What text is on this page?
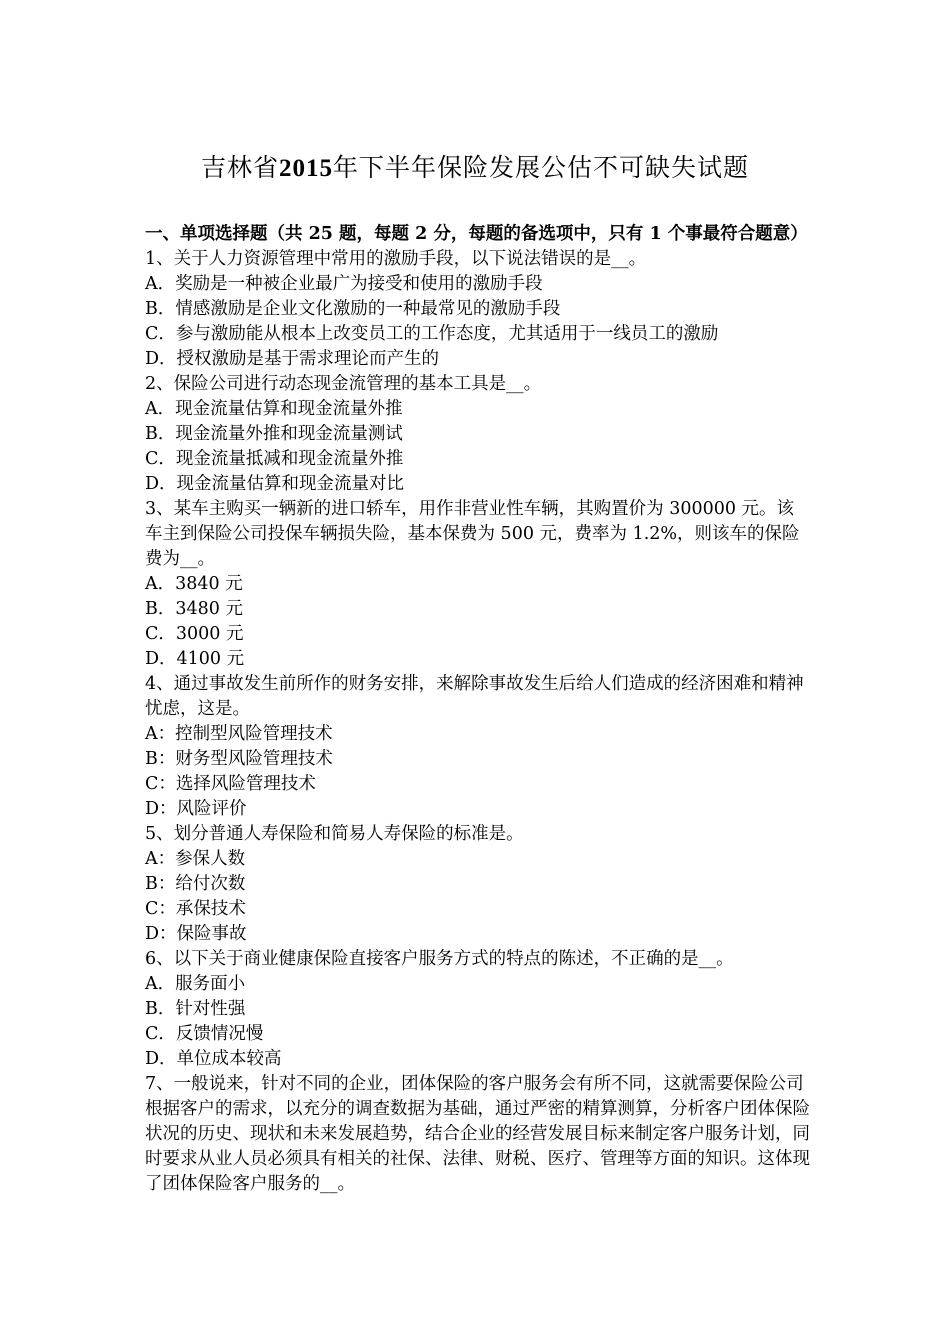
吉林省2015年下半年保险发展公估不可缺失试题
一、单项选择题（共 25 题，每题 2 分，每题的备选项中，只有 1 个事最符合题意）
1、关于人力资源管理中常用的激励手段，以下说法错误的是__。
A．奖励是一种被企业最广为接受和使用的激励手段
B．情感激励是企业文化激励的一种最常见的激励手段
C．参与激励能从根本上改变员工的工作态度，尤其适用于一线员工的激励
D．授权激励是基于需求理论而产生的
2、保险公司进行动态现金流管理的基本工具是__。
A．现金流量估算和现金流量外推
B．现金流量外推和现金流量测试
C．现金流量抵减和现金流量外推
D．现金流量估算和现金流量对比
3、某车主购买一辆新的进口轿车，用作非营业性车辆，其购置价为 300000 元。该车主到保险公司投保车辆损失险，基本保费为 500 元，费率为 1.2%，则该车的保险费为__。
A．3840 元
B．3480 元
C．3000 元
D．4100 元
4、通过事故发生前所作的财务安排，来解除事故发生后给人们造成的经济困难和精神忧虑，这是。
A：控制型风险管理技术
B：财务型风险管理技术
C：选择风险管理技术
D：风险评价
5、划分普通人寿保险和简易人寿保险的标准是。
A：参保人数
B：给付次数
C：承保技术
D：保险事故
6、以下关于商业健康保险直接客户服务方式的特点的陈述，不正确的是__。
A．服务面小
B．针对性强
C．反馈情况慢
D．单位成本较高
7、一般说来，针对不同的企业，团体保险的客户服务会有所不同，这就需要保险公司根据客户的需求，以充分的调查数据为基础，通过严密的精算测算，分析客户团体保险状况的历史、现状和未来发展趋势，结合企业的经营发展目标来制定客户服务计划，同时要求从业人员必须具有相关的社保、法律、财税、医疗、管理等方面的知识。这体现了团体保险客户服务的__。
